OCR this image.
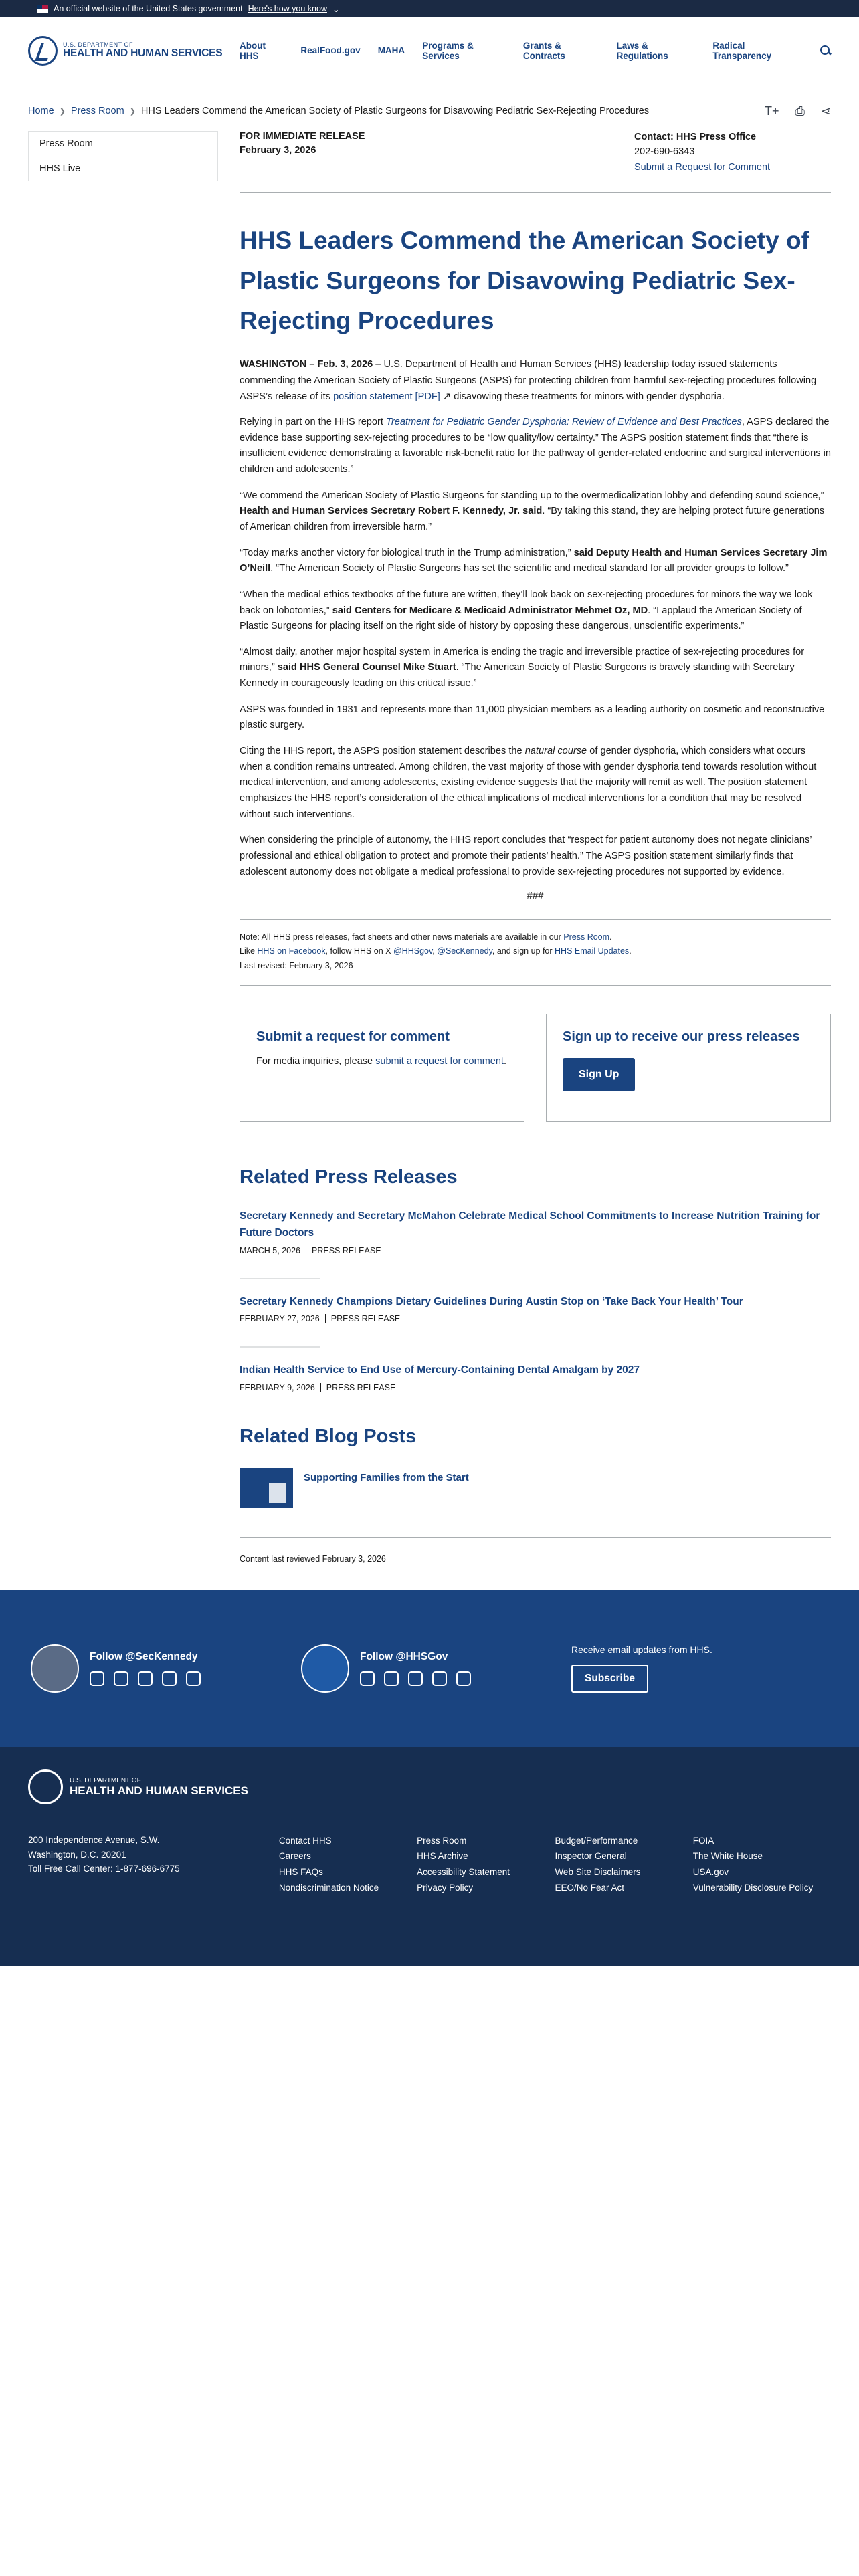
An official website of the United States government Here's how you know ⌄
U.S. DEPARTMENT OF
HEALTH AND HUMAN SERVICES
About HHS	RealFood.gov MAHA Programs & Services
Grants & Contracts
Laws & Regulations
Radical Transparency
Home ❯ Press Room ❯ HHS Leaders Commend the American Society of Plastic Surgeons for Disavowing Pediatric Sex-Rejecting Procedures	T+ ⎙ ⋖
Press Room
HHS Live
FOR IMMEDIATE RELEASE
February 3, 2026
Contact: HHS Press Office
202-690-6343
Submit a Request for Comment
HHS Leaders Commend the American Society of Plastic Surgeons for Disavowing Pediatric Sex-Rejecting Procedures

WASHINGTON – Feb. 3, 2026 – U.S. Department of Health and Human Services (HHS) leadership today issued statements commending the American Society of Plastic Surgeons (ASPS) for protecting children from harmful sex-rejecting procedures following ASPS’s release of its position statement [PDF] ↗ disavowing these treatments for minors with gender dysphoria.

Relying in part on the HHS report Treatment for Pediatric Gender Dysphoria: Review of Evidence and Best Practices, ASPS declared the evidence base supporting sex-rejecting procedures to be “low quality/low certainty.” The ASPS position statement finds that “there is insufficient evidence demonstrating a favorable risk-benefit ratio for the pathway of gender-related endocrine and surgical interventions in children and adolescents.”

“We commend the American Society of Plastic Surgeons for standing up to the overmedicalization lobby and defending sound science,” Health and Human Services Secretary Robert F. Kennedy, Jr. said. “By taking this stand, they are helping protect future generations of American children from irreversible harm.”

“Today marks another victory for biological truth in the Trump administration,” said Deputy Health and Human Services Secretary Jim O’Neill. “The American Society of Plastic Surgeons has set the scientific and medical standard for all provider groups to follow.”

“When the medical ethics textbooks of the future are written, they’ll look back on sex-rejecting procedures for minors the way we look back on lobotomies,” said Centers for Medicare & Medicaid Administrator Mehmet Oz, MD. “I applaud the American Society of Plastic Surgeons for placing itself on the right side of history by opposing these dangerous, unscientific experiments.”

“Almost daily, another major hospital system in America is ending the tragic and irreversible practice of sex-rejecting procedures for minors,” said HHS General Counsel Mike Stuart. “The American Society of Plastic Surgeons is bravely standing with Secretary Kennedy in courageously leading on this critical issue.”

ASPS was founded in 1931 and represents more than 11,000 physician members as a leading authority on cosmetic and reconstructive plastic surgery.

Citing the HHS report, the ASPS position statement describes the natural course of gender dysphoria, which considers what occurs when a condition remains untreated. Among children, the vast majority of those with gender dysphoria tend towards resolution without medical intervention, and among adolescents, existing evidence suggests that the majority will remit as well. The position statement emphasizes the HHS report’s consideration of the ethical implications of medical interventions for a condition that may be resolved without such interventions.

When considering the principle of autonomy, the HHS report concludes that “respect for patient autonomy does not negate clinicians’ professional and ethical obligation to protect and promote their patients’ health.” The ASPS position statement similarly finds that adolescent autonomy does not obligate a medical professional to provide sex-rejecting procedures not supported by evidence.

###
Note: All HHS press releases, fact sheets and other news materials are available in our Press Room.
Like HHS on Facebook, follow HHS on X @HHSgov, @SecKennedy, and sign up for HHS Email Updates.
Last revised: February 3, 2026
Submit a request for comment

For media inquiries, please submit a request for comment.

Sign up to receive our press releases
Sign Up
Related Press Releases
Secretary Kennedy and Secretary McMahon Celebrate Medical School Commitments to Increase Nutrition Training for Future Doctors
MARCH 5, 2026 PRESS RELEASE
Secretary Kennedy Champions Dietary Guidelines During Austin Stop on ‘Take Back Your Health’ Tour
FEBRUARY 27, 2026 PRESS RELEASE
Indian Health Service to End Use of Mercury-Containing Dental Amalgam by 2027
FEBRUARY 9, 2026 PRESS RELEASE
Related Blog Posts
Supporting Families from the Start
Content last reviewed February 3, 2026
Follow @SecKennedy	Follow @HHSGov

Receive email updates from HHS.

Subscribe
U.S. DEPARTMENT OF
HEALTH AND HUMAN SERVICES
200 Independence Avenue, S.W.
Washington, D.C. 20201
Toll Free Call Center: 1-877-696-6775
Contact HHS
Careers
HHS FAQs
Nondiscrimination Notice
Press Room
HHS Archive
Accessibility Statement
Privacy Policy
Budget/Performance
Inspector General
Web Site Disclaimers
EEO/No Fear Act
FOIA
The White House
USA.gov
Vulnerability Disclosure Policy
